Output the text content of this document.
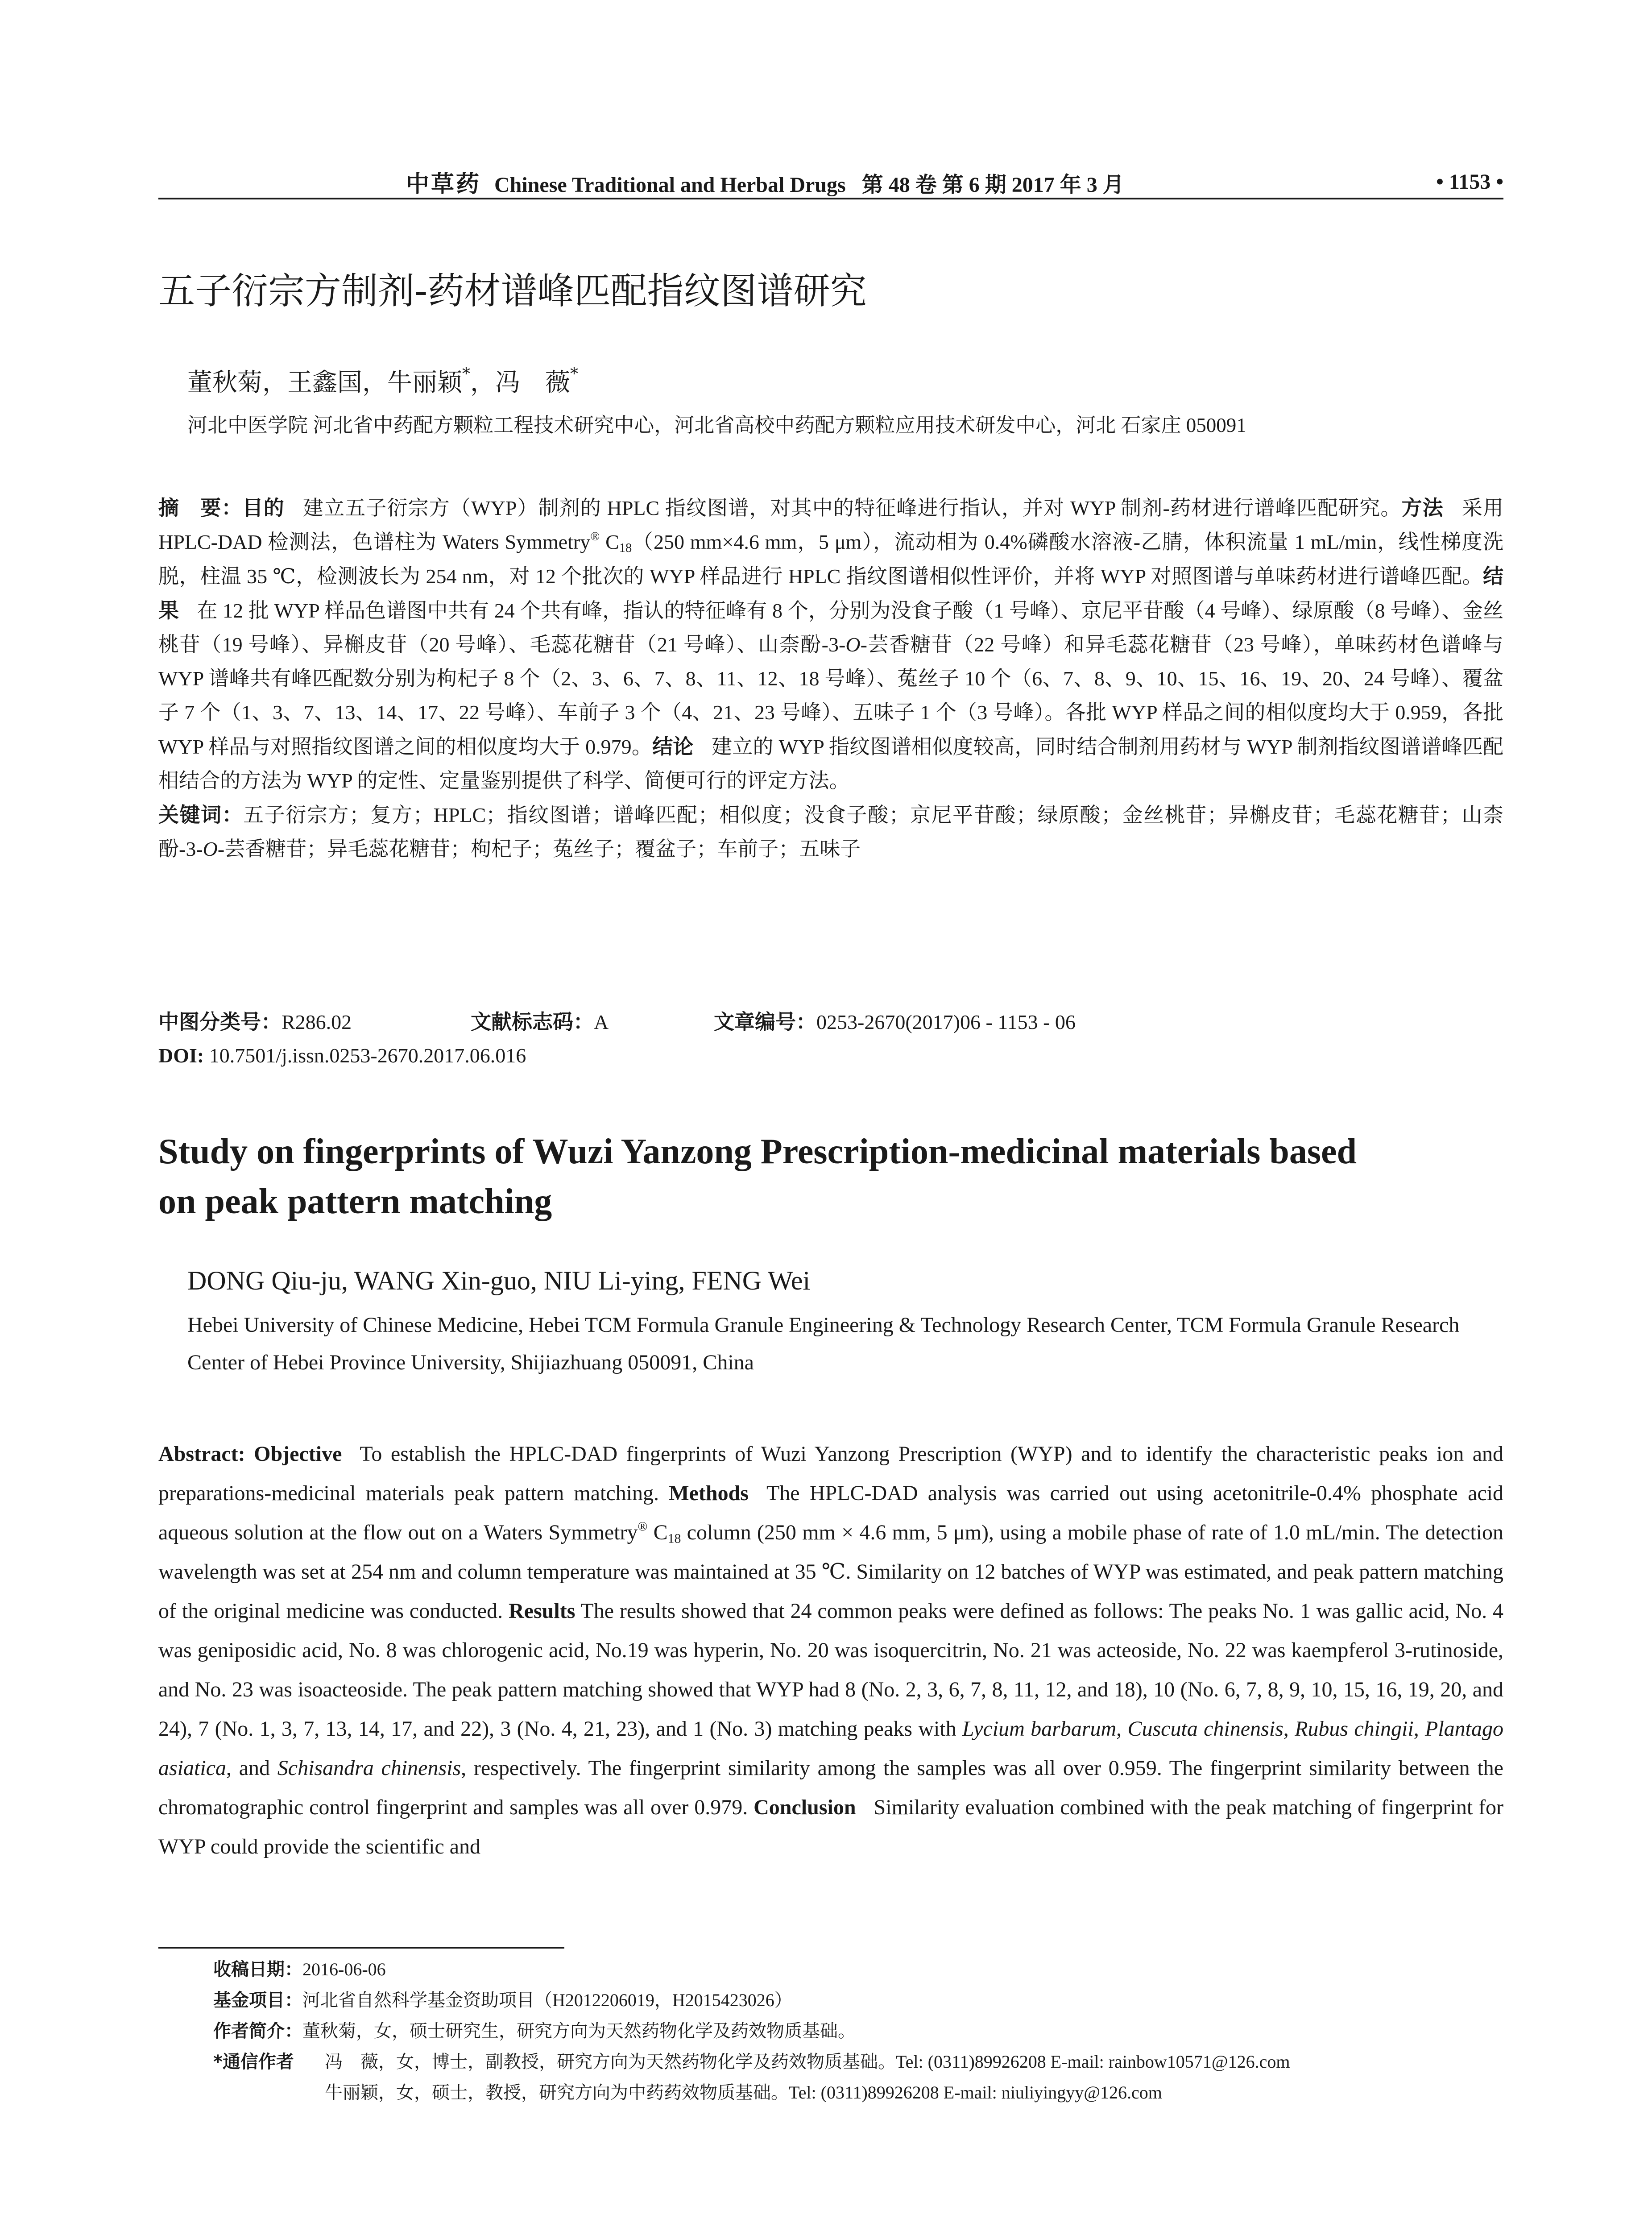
中草药 Chinese Traditional and Herbal Drugs 第 48 卷 第 6 期 2017 年 3 月	• 1153 •
五子衍宗方制剂-药材谱峰匹配指纹图谱研究
董秋菊，王鑫国，牛丽颖*，冯　薇*
河北中医学院 河北省中药配方颗粒工程技术研究中心，河北省高校中药配方颗粒应用技术研发中心，河北 石家庄 050091
摘　要：目的 建立五子衍宗方（WYP）制剂的 HPLC 指纹图谱，对其中的特征峰进行指认，并对 WYP 制剂-药材进行谱峰匹配研究。方法 采用 HPLC-DAD 检测法，色谱柱为 Waters Symmetry® $C_{18}(250$ mm×4.6 mm，5 μm），流动相为 0.4%磷酸水溶液-乙腈，体积流量 1 mL/min，线性梯度洗脱，柱温 35 ℃，检测波长为 254 nm，对 12 个批次的 WYP 样品进行 HPLC 指纹图谱相似性评价，并将 WYP 对照图谱与单味药材进行谱峰匹配。结果 在 12 批 WYP 样品色谱图中共有 24 个共有峰，指认的特征峰有 8 个，分别为没食子酸（1 号峰）、京尼平苷酸（4 号峰）、绿原酸（8 号峰）、金丝桃苷（19 号峰）、异槲皮苷（20 号峰）、毛蕊花糖苷（21 号峰）、山柰酚-3-O-芸香糖苷（22 号峰）和异毛蕊花糖苷（23 号峰），单味药材色谱峰与 WYP 谱峰共有峰匹配数分别为枸杞子 8 个（2、3、6、7、8、11、12、18 号峰）、菟丝子 10 个（6、7、8、9、10、15、16、19、20、24 号峰）、覆盆子 7 个（1、3、7、13、14、17、22 号峰）、车前子 3 个（4、21、23 号峰）、五味子 1 个（3 号峰）。各批 WYP 样品之间的相似度均大于 0.959，各批 WYP 样品与对照指纹图谱之间的相似度均大于 0.979。结论 建立的 WYP 指纹图谱相似度较高，同时结合制剂用药材与 WYP 制剂指纹图谱谱峰匹配相结合的方法为 WYP 的定性、定量鉴别提供了科学、简便可行的评定方法。
关键词：五子衍宗方；复方；HPLC；指纹图谱；谱峰匹配；相似度；没食子酸；京尼平苷酸；绿原酸；金丝桃苷；异槲皮苷；毛蕊花糖苷；山柰酚-3-O-芸香糖苷；异毛蕊花糖苷；枸杞子；菟丝子；覆盆子；车前子；五味子
中图分类号：R286.02	文献标志码：A	文章编号：0253-2670(2017)06 - 1153 - 06
DOI: 10.7501/j.issn.0253-2670.2017.06.016
Study on fingerprints of Wuzi Yanzong Prescription-medicinal materials based
on peak pattern matching
DONG Qiu-ju, WANG Xin-guo, NIU Li-ying, FENG Wei
Hebei University of Chinese Medicine, Hebei TCM Formula Granule Engineering & Technology Research Center, TCM Formula Granule Research Center of Hebei Province University, Shijiazhuang 050091, China
Abstract: Objective To establish the HPLC-DAD fingerprints of Wuzi Yanzong Prescription (WYP) and to identify the characteristic peaks ion and preparations-medicinal materials peak pattern matching. Methods The HPLC-DAD analysis was carried out using acetonitrile-0.4% phosphate acid aqueous solution at the flow out on a Waters Symmetry® $C_{18}$ column (250 mm × 4.6 mm, 5 μm), using a mobile phase of rate of 1.0 mL/min. The detection wavelength was set at 254 nm and column temperature was maintained at 35 ℃. Similarity on 12 batches of WYP was estimated, and peak pattern matching of the original medicine was conducted. Results The results showed that 24 common peaks were defined as follows: The peaks No. 1 was gallic acid, No. 4 was geniposidic acid, No. 8 was chlorogenic acid, No.19 was hyperin, No. 20 was isoquercitrin, No. 21 was acteoside, No. 22 was kaempferol 3-rutinoside, and No. 23 was isoacteoside. The peak pattern matching showed that WYP had 8 (No. 2, 3, 6, 7, 8, 11, 12, and 18), 10 (No. 6, 7, 8, 9, 10, 15, 16, 19, 20, and 24), 7 (No. 1, 3, 7, 13, 14, 17, and 22), 3 (No. 4, 21, 23), and 1 (No. 3) matching peaks with Lycium barbarum, Cuscuta chinensis, Rubus chingii, Plantago asiatica, and Schisandra chinensis, respectively. The fingerprint similarity among the samples was all over 0.959. The fingerprint similarity between the chromatographic control fingerprint and samples was all over 0.979. Conclusion Similarity evaluation combined with the peak matching of fingerprint for WYP could provide the scientific and
收稿日期：2016-06-06
基金项目：河北省自然科学基金资助项目（H2012206019，H2015423026）
作者简介：董秋菊，女，硕士研究生，研究方向为天然药物化学及药效物质基础。
*通信作者 冯　薇，女，博士，副教授，研究方向为天然药物化学及药效物质基础。Tel: (0311)89926208 E-mail: rainbow10571@126.com
牛丽颖，女，硕士，教授，研究方向为中药药效物质基础。Tel: (0311)89926208 E-mail: niuliyingyy@126.com
